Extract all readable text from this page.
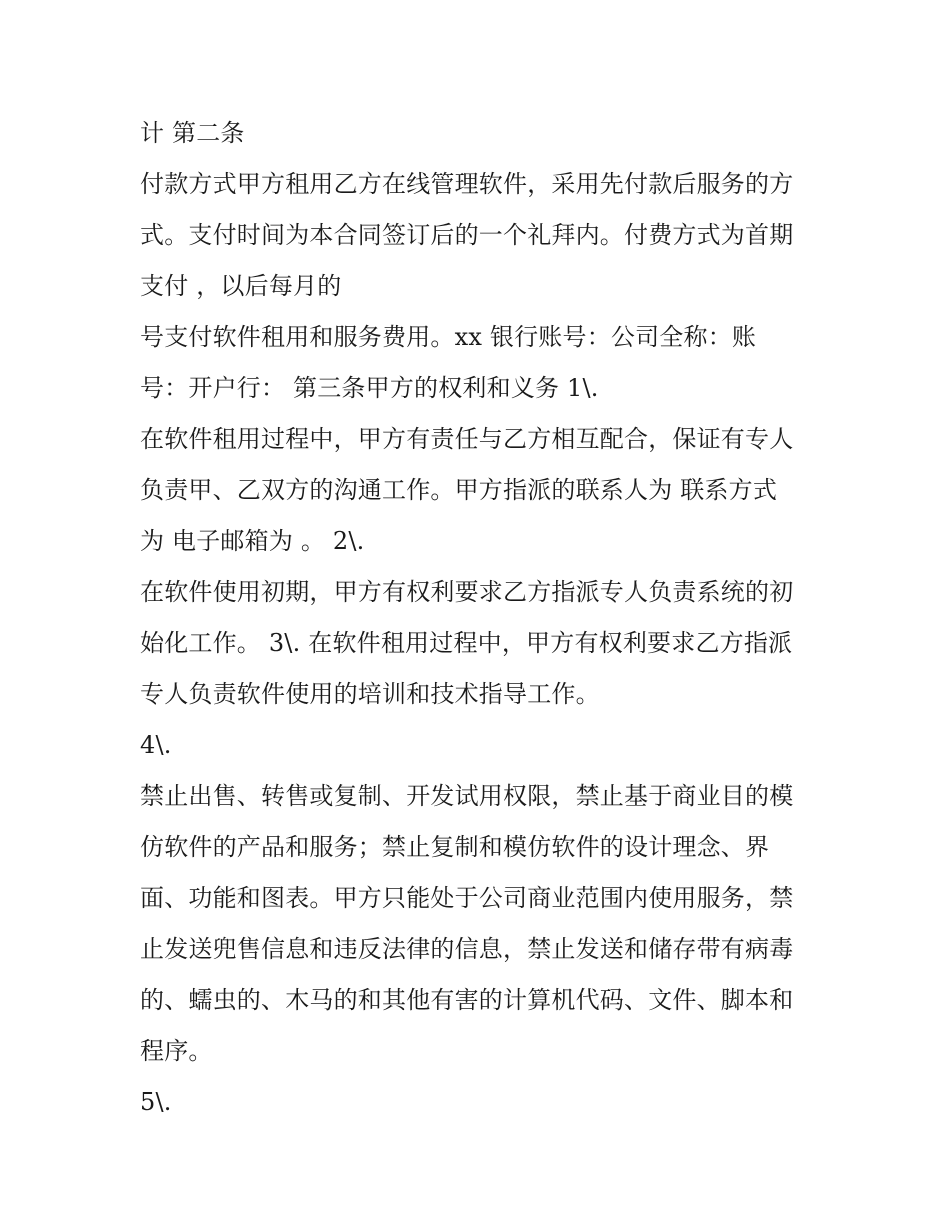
计 第二条
付款方式甲方租用乙方在线管理软件，采用先付款后服务的方
式。支付时间为本合同签订后的一个礼拜内。付费方式为首期
支付 ，以后每月的
号支付软件租用和服务费用。xx 银行账号：公司全称：账
号：开户行： 第三条甲方的权利和义务 1\.
在软件租用过程中，甲方有责任与乙方相互配合，保证有专人
负责甲、乙双方的沟通工作。甲方指派的联系人为 联系方式
为 电子邮箱为 。 2\.
在软件使用初期，甲方有权利要求乙方指派专人负责系统的初
始化工作。 3\. 在软件租用过程中，甲方有权利要求乙方指派
专人负责软件使用的培训和技术指导工作。
4\.
禁止出售、转售或复制、开发试用权限，禁止基于商业目的模
仿软件的产品和服务；禁止复制和模仿软件的设计理念、界
面、功能和图表。甲方只能处于公司商业范围内使用服务，禁
止发送兜售信息和违反法律的信息，禁止发送和储存带有病毒
的、蠕虫的、木马的和其他有害的计算机代码、文件、脚本和
程序。
5\.
